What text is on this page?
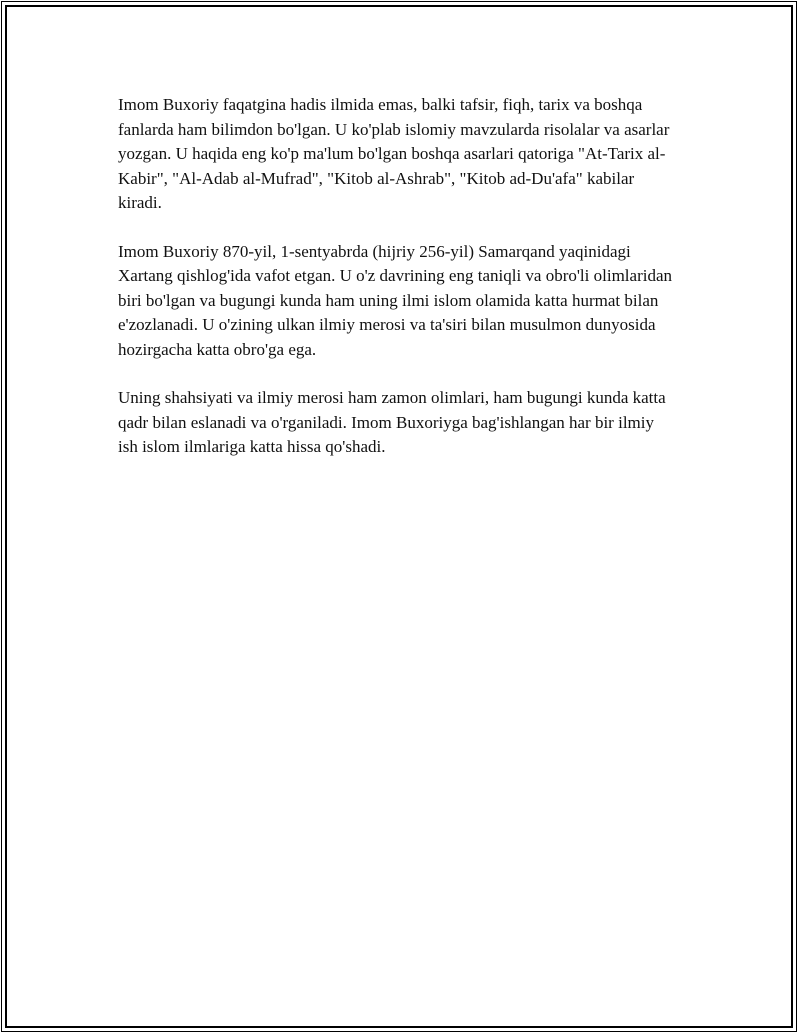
Imom Buxoriy faqatgina hadis ilmida emas, balki tafsir, fiqh, tarix va boshqa fanlarda ham bilimdon bo'lgan. U ko'plab islomiy mavzularda risolalar va asarlar yozgan. U haqida eng ko'p ma'lum bo'lgan boshqa asarlari qatoriga "At-Tarix al-Kabir", "Al-Adab al-Mufrad", "Kitob al-Ashrab", "Kitob ad-Du'afa" kabilar kiradi.

Imom Buxoriy 870-yil, 1-sentyabrda (hijriy 256-yil) Samarqand yaqinidagi Xartang qishlog'ida vafot etgan. U o'z davrining eng taniqli va obro'li olimlaridan biri bo'lgan va bugungi kunda ham uning ilmi islom olamida katta hurmat bilan e'zozlanadi. U o'zining ulkan ilmiy merosi va ta'siri bilan musulmon dunyosida hozirgacha katta obro'ga ega.

Uning shahsiyati va ilmiy merosi ham zamon olimlari, ham bugungi kunda katta qadr bilan eslanadi va o'rganiladi. Imom Buxoriyga bag'ishlangan har bir ilmiy ish islom ilmlariga katta hissa qo'shadi.
